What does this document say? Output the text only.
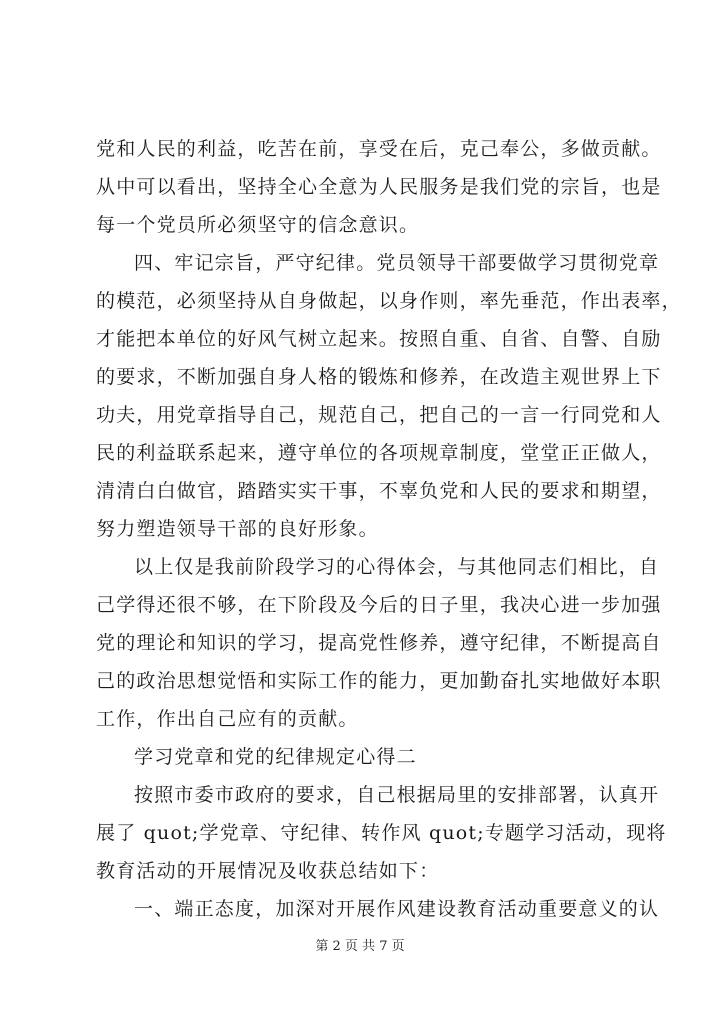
党和人民的利益，吃苦在前，享受在后，克己奉公，多做贡献。
从中可以看出，坚持全心全意为人民服务是我们党的宗旨，也是
每一个党员所必须坚守的信念意识。
四、牢记宗旨，严守纪律。党员领导干部要做学习贯彻党章
的模范，必须坚持从自身做起，以身作则，率先垂范，作出表率，
才能把本单位的好风气树立起来。按照自重、自省、自警、自励
的要求，不断加强自身人格的锻炼和修养，在改造主观世界上下
功夫，用党章指导自己，规范自己，把自己的一言一行同党和人
民的利益联系起来，遵守单位的各项规章制度，堂堂正正做人，
清清白白做官，踏踏实实干事，不辜负党和人民的要求和期望，
努力塑造领导干部的良好形象。
以上仅是我前阶段学习的心得体会，与其他同志们相比，自
己学得还很不够，在下阶段及今后的日子里，我决心进一步加强
党的理论和知识的学习，提高党性修养，遵守纪律，不断提高自
己的政治思想觉悟和实际工作的能力，更加勤奋扎实地做好本职
工作，作出自己应有的贡献。
学习党章和党的纪律规定心得二
按照市委市政府的要求，自己根据局里的安排部署，认真开
展了 quot;学党章、守纪律、转作风 quot;专题学习活动，现将
教育活动的开展情况及收获总结如下：
一、端正态度，加深对开展作风建设教育活动重要意义的认
第 2 页 共 7 页
